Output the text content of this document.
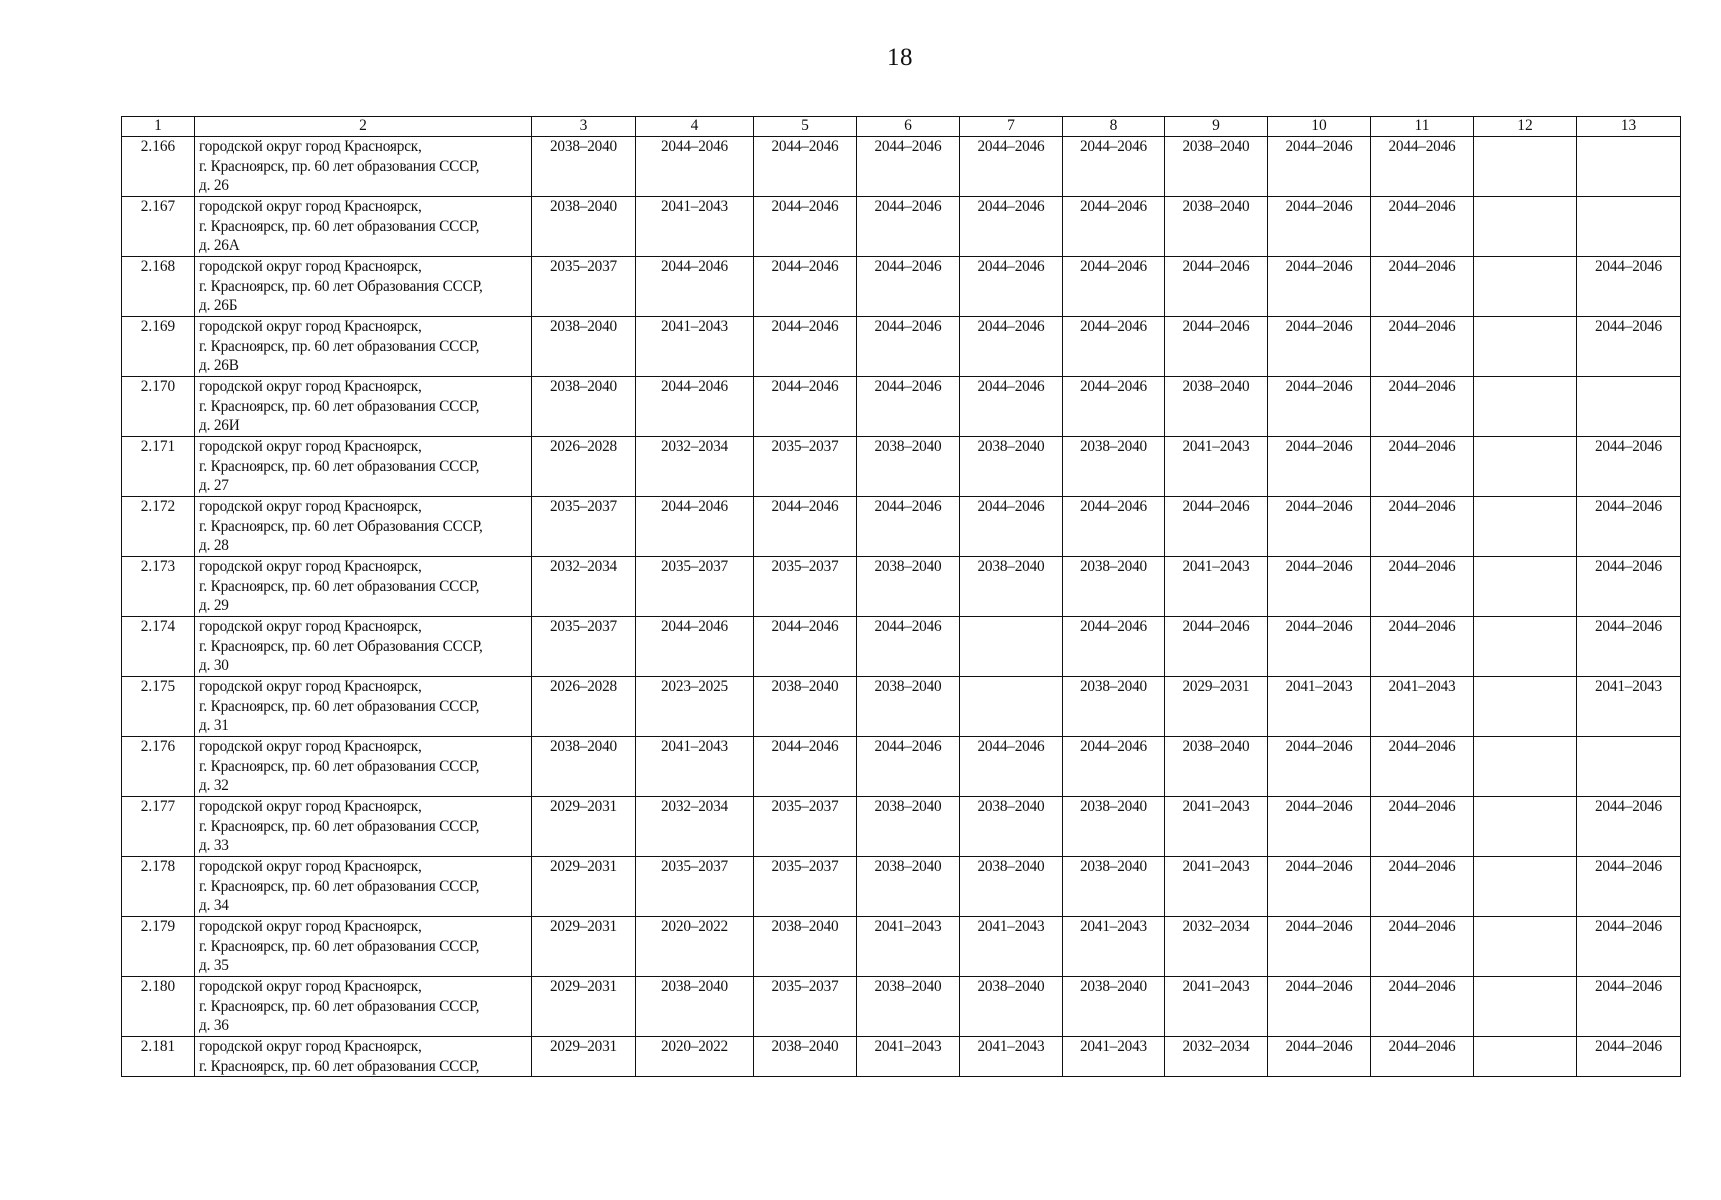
18
1	2	3	4	5	6	7	8	9	10	11	12	13
2.166	городской округ город Красноярск,
г. Красноярск, пр. 60 лет образования СССР,
д. 26	2038–2040	2044–2046	2044–2046	2044–2046	2044–2046	2044–2046	2038–2040	2044–2046	2044–2046		
2.167	городской округ город Красноярск,
г. Красноярск, пр. 60 лет образования СССР,
д. 26А	2038–2040	2041–2043	2044–2046	2044–2046	2044–2046	2044–2046	2038–2040	2044–2046	2044–2046		
2.168	городской округ город Красноярск,
г. Красноярск, пр. 60 лет Образования СССР,
д. 26Б	2035–2037	2044–2046	2044–2046	2044–2046	2044–2046	2044–2046	2044–2046	2044–2046	2044–2046		2044–2046
2.169	городской округ город Красноярск,
г. Красноярск, пр. 60 лет образования СССР,
д. 26В	2038–2040	2041–2043	2044–2046	2044–2046	2044–2046	2044–2046	2044–2046	2044–2046	2044–2046		2044–2046
2.170	городской округ город Красноярск,
г. Красноярск, пр. 60 лет образования СССР,
д. 26И	2038–2040	2044–2046	2044–2046	2044–2046	2044–2046	2044–2046	2038–2040	2044–2046	2044–2046		
2.171	городской округ город Красноярск,
г. Красноярск, пр. 60 лет образования СССР,
д. 27	2026–2028	2032–2034	2035–2037	2038–2040	2038–2040	2038–2040	2041–2043	2044–2046	2044–2046		2044–2046
2.172	городской округ город Красноярск,
г. Красноярск, пр. 60 лет Образования СССР,
д. 28	2035–2037	2044–2046	2044–2046	2044–2046	2044–2046	2044–2046	2044–2046	2044–2046	2044–2046		2044–2046
2.173	городской округ город Красноярск,
г. Красноярск, пр. 60 лет образования СССР,
д. 29	2032–2034	2035–2037	2035–2037	2038–2040	2038–2040	2038–2040	2041–2043	2044–2046	2044–2046		2044–2046
2.174	городской округ город Красноярск,
г. Красноярск, пр. 60 лет Образования СССР,
д. 30	2035–2037	2044–2046	2044–2046	2044–2046		2044–2046	2044–2046	2044–2046	2044–2046		2044–2046
2.175	городской округ город Красноярск,
г. Красноярск, пр. 60 лет образования СССР,
д. 31	2026–2028	2023–2025	2038–2040	2038–2040		2038–2040	2029–2031	2041–2043	2041–2043		2041–2043
2.176	городской округ город Красноярск,
г. Красноярск, пр. 60 лет образования СССР,
д. 32	2038–2040	2041–2043	2044–2046	2044–2046	2044–2046	2044–2046	2038–2040	2044–2046	2044–2046		
2.177	городской округ город Красноярск,
г. Красноярск, пр. 60 лет образования СССР,
д. 33	2029–2031	2032–2034	2035–2037	2038–2040	2038–2040	2038–2040	2041–2043	2044–2046	2044–2046		2044–2046
2.178	городской округ город Красноярск,
г. Красноярск, пр. 60 лет образования СССР,
д. 34	2029–2031	2035–2037	2035–2037	2038–2040	2038–2040	2038–2040	2041–2043	2044–2046	2044–2046		2044–2046
2.179	городской округ город Красноярск,
г. Красноярск, пр. 60 лет образования СССР,
д. 35	2029–2031	2020–2022	2038–2040	2041–2043	2041–2043	2041–2043	2032–2034	2044–2046	2044–2046		2044–2046
2.180	городской округ город Красноярск,
г. Красноярск, пр. 60 лет образования СССР,
д. 36	2029–2031	2038–2040	2035–2037	2038–2040	2038–2040	2038–2040	2041–2043	2044–2046	2044–2046		2044–2046
2.181	городской округ город Красноярск,
г. Красноярск, пр. 60 лет образования СССР,	2029–2031	2020–2022	2038–2040	2041–2043	2041–2043	2041–2043	2032–2034	2044–2046	2044–2046		2044–2046
